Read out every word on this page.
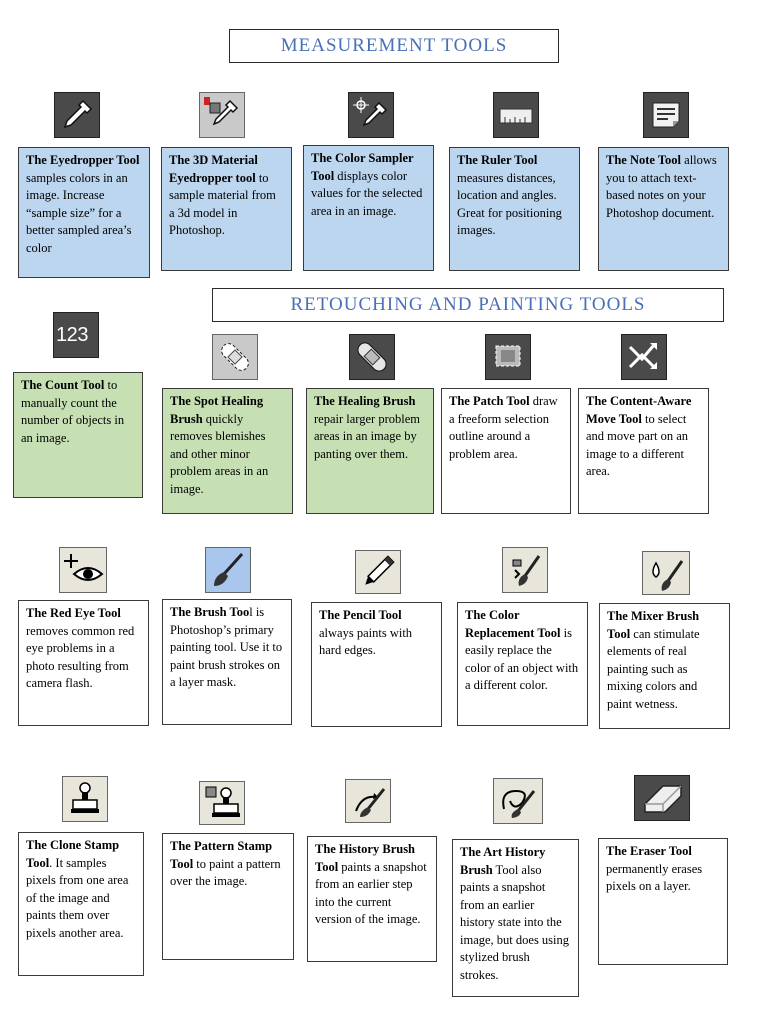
MEASUREMENT TOOLS
RETOUCHING AND PAINTING TOOLS
The Eyedropper Tool samples colors in an image. Increase “sample size” for a better sampled area’s color
The 3D Material Eyedropper tool to sample material from a 3d model in Photoshop.
The Color Sampler Tool displays color values for the selected area in an image.
The Ruler Tool measures distances, location and angles. Great for positioning images.
The Note Tool allows you to attach text-based notes on your Photoshop document.
1 2 3
The Count Tool to manually count the number of objects in an image.
The Spot Healing Brush quickly removes blemishes and other minor problem areas in an image.
The Healing Brush repair larger problem areas in an image by panting over them.
The Patch Tool draw a freeform selection outline around a problem area.
The Content-Aware Move Tool to select and move part on an image to a different area.
The Red Eye Tool removes common red eye problems in a photo resulting from camera flash.
The Brush Tool is Photoshop’s primary painting tool. Use it to paint brush strokes on a layer mask.
The Pencil Tool always paints with hard edges.
The Color Replacement Tool is easily replace the color of an object with a different color.
The Mixer Brush Tool can stimulate elements of real painting such as mixing colors and paint wetness.
The Clone Stamp Tool. It samples pixels from one area of the image and paints them over pixels another area.
The Pattern Stamp Tool to paint a pattern over the image.
The History Brush Tool paints a snapshot from an earlier step into the current version of the image.
The Art History Brush Tool also paints a snapshot from an earlier history state into the image, but does using stylized brush strokes.
The Eraser Tool permanently erases pixels on a layer.
